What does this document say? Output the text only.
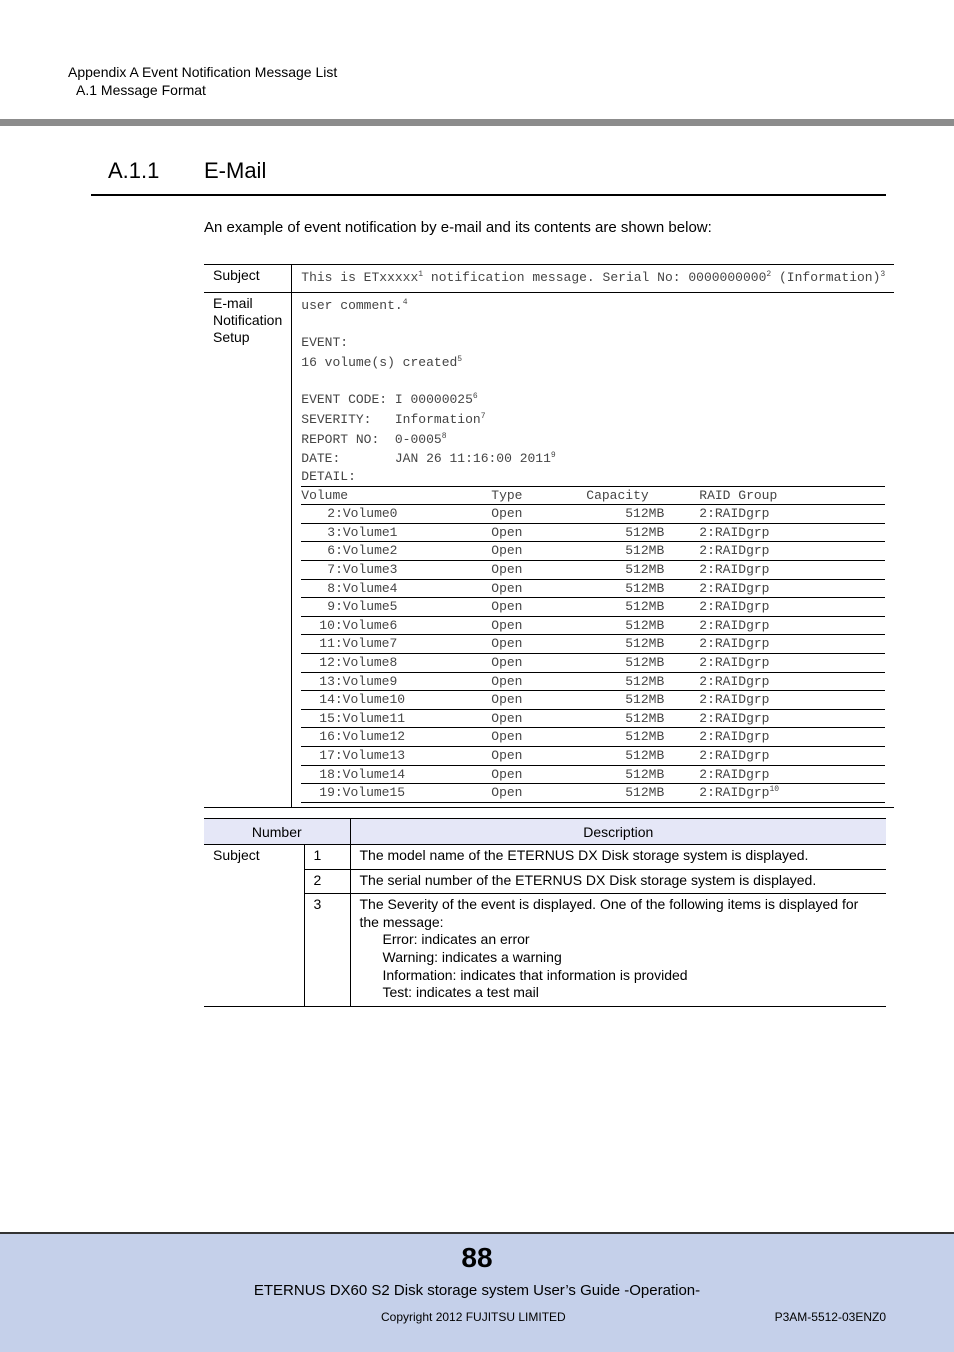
Appendix A Event Notification Message List
A.1 Message Format
A.1.1 E-Mail
An example of event notification by e-mail and its contents are shown below:
Subject	This is ETxxxxx$^1$ notification message. Serial No: 0000000000$^2$ (Information)$^3$

E-mail
Notification
Setup	
user comment.$^4$
EVENT:
16 volume(s) created$^5$
EVENT CODE: I 00000025$^6$
SEVERITY:   Information$^7$
REPORT NO:  0-0005$^8$
DATE:       JAN 26 11:16:00 2011$^9$
DETAIL:
Volume	Type	Capacity	RAID Group
2:Volume0	Open	512MB	2:RAIDgrp
3:Volume1	Open	512MB	2:RAIDgrp
6:Volume2	Open	512MB	2:RAIDgrp
7:Volume3	Open	512MB	2:RAIDgrp
8:Volume4	Open	512MB	2:RAIDgrp
9:Volume5	Open	512MB	2:RAIDgrp
10:Volume6	Open	512MB	2:RAIDgrp
11:Volume7	Open	512MB	2:RAIDgrp
12:Volume8	Open	512MB	2:RAIDgrp
13:Volume9	Open	512MB	2:RAIDgrp
14:Volume10	Open	512MB	2:RAIDgrp
15:Volume11	Open	512MB	2:RAIDgrp
16:Volume12	Open	512MB	2:RAIDgrp
17:Volume13	Open	512MB	2:RAIDgrp
18:Volume14	Open	512MB	2:RAIDgrp
19:Volume15	Open	512MB	2:RAIDgrp$^{10}$
Number		Description
Subject	1	The model name of the ETERNUS DX Disk storage system is displayed.
	2	The serial number of the ETERNUS DX Disk storage system is displayed.
	3	The Severity of the event is displayed. One of the following items is displayed for the message:
Error: indicates an error
Warning: indicates a warning
Information: indicates that information is provided
Test: indicates a test mail
88
ETERNUS DX60 S2 Disk storage system User’s Guide -Operation-
Copyright 2012 FUJITSU LIMITED	P3AM-5512-03ENZ0
